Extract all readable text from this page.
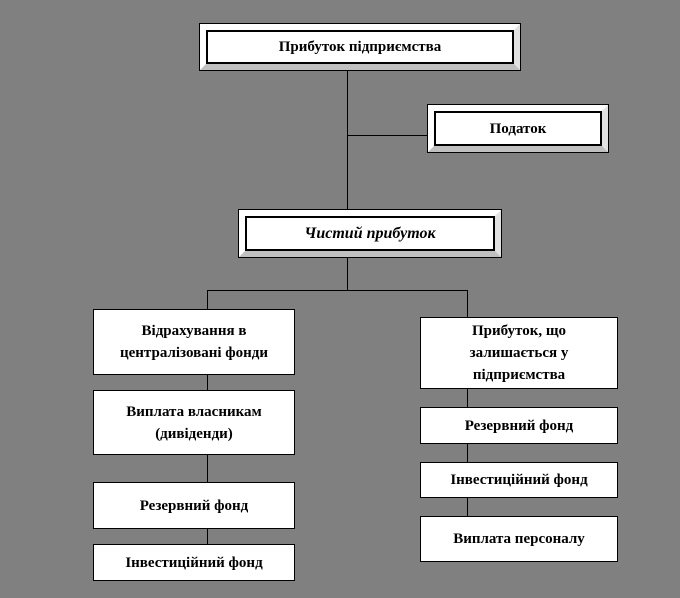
Прибуток підприємства
Податок
Чистий прибуток
Відрахування в централізовані фонди
Виплата власникам (дивіденди)
Резервний фонд
Інвестиційний фонд
Прибуток, що залишається у підприємства
Резервний фонд
Інвестиційний фонд
Виплата персоналу
